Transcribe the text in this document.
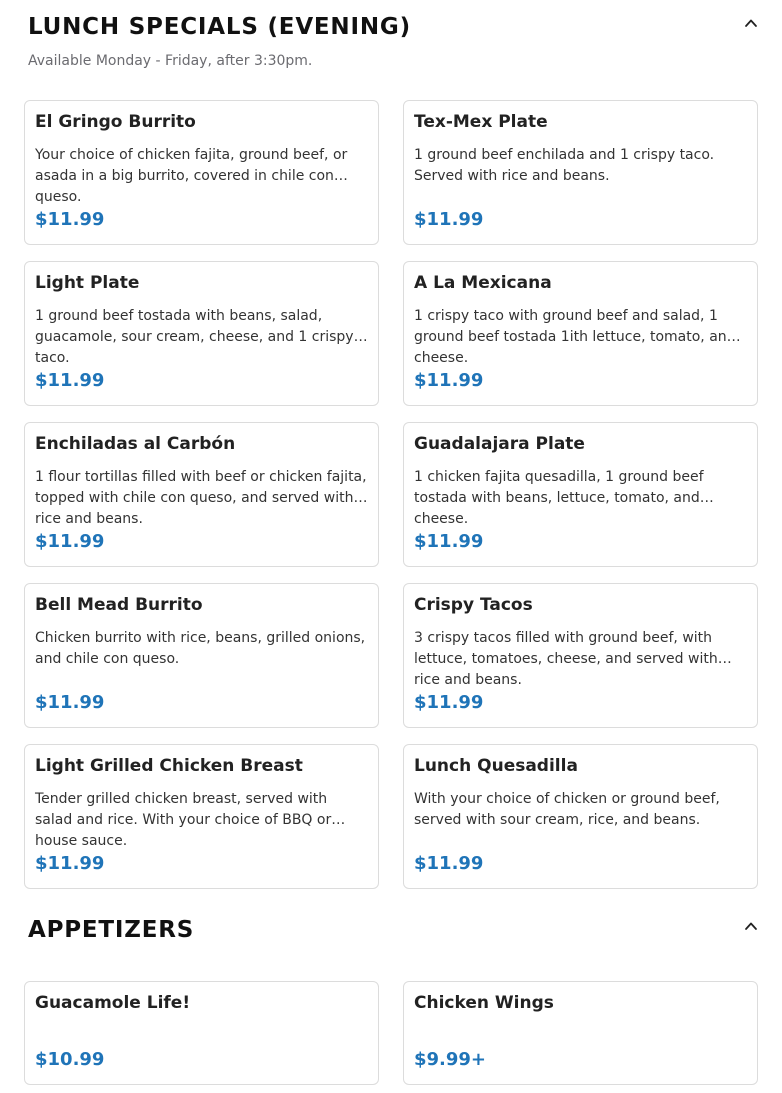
LUNCH SPECIALS (EVENING)
Available Monday - Friday, after 3:30pm.
El Gringo Burrito
Your choice of chicken fajita, ground beef, or asada in a big burrito, covered in chile con queso.
$11.99
Tex-Mex Plate
1 ground beef enchilada and 1 crispy taco. Served with rice and beans.
$11.99
Light Plate
1 ground beef tostada with beans, salad, guacamole, sour cream, cheese, and 1 crispy taco.
$11.99
A La Mexicana
1 crispy taco with ground beef and salad, 1 ground beef tostada 1ith lettuce, tomato, and cheese.
$11.99
Enchiladas al Carbón
1 flour tortillas filled with beef or chicken fajita, topped with chile con queso, and served with rice and beans.
$11.99
Guadalajara Plate
1 chicken fajita quesadilla, 1 ground beef tostada with beans, lettuce, tomato, and cheese.
$11.99
Bell Mead Burrito
Chicken burrito with rice, beans, grilled onions, and chile con queso.
$11.99
Crispy Tacos
3 crispy tacos filled with ground beef, with lettuce, tomatoes, cheese, and served with rice and beans.
$11.99
Light Grilled Chicken Breast
Tender grilled chicken breast, served with salad and rice. With your choice of BBQ or house sauce.
$11.99
Lunch Quesadilla
With your choice of chicken or ground beef, served with sour cream, rice, and beans.
$11.99
APPETIZERS
Guacamole Life!
$10.99
Chicken Wings
$9.99+
